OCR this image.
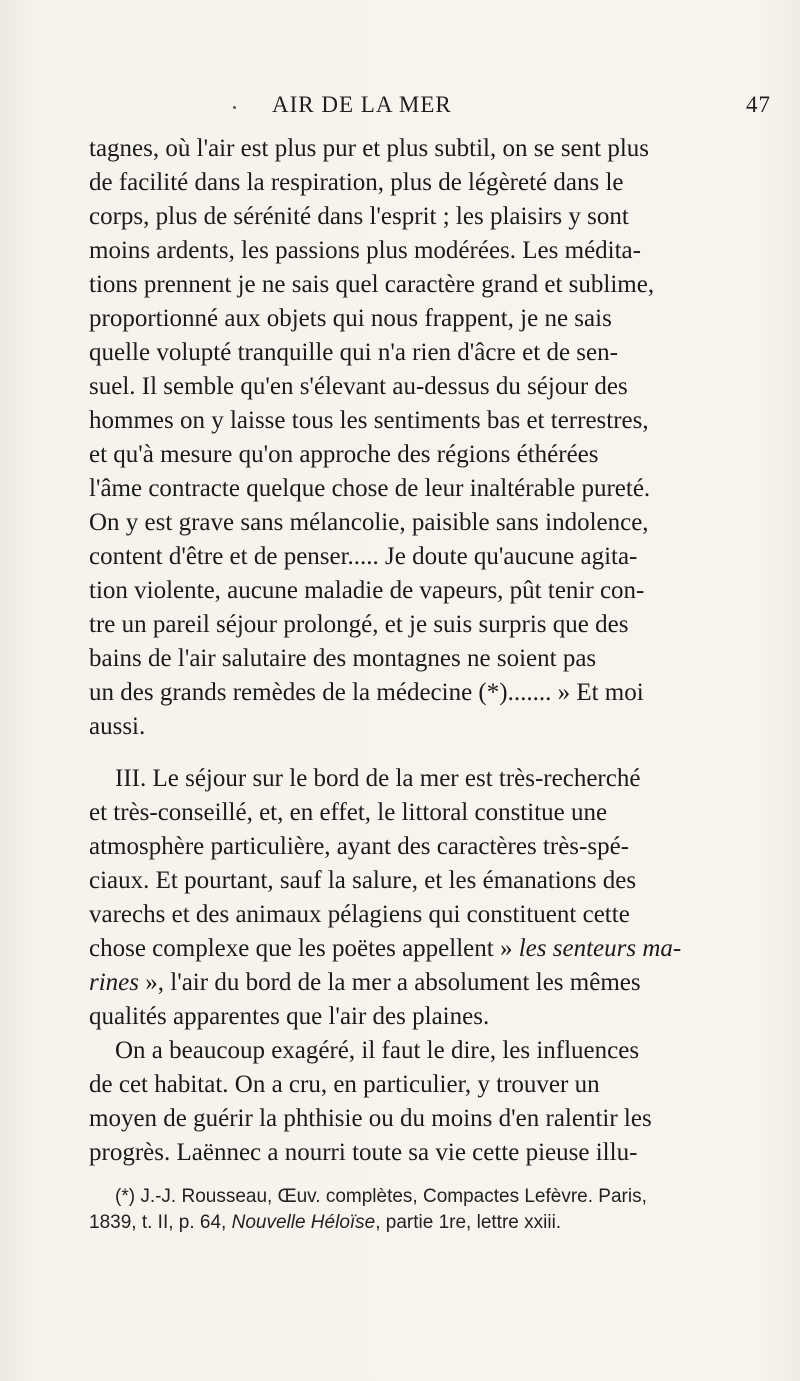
AIR DE LA MER	47
tagnes, où l'air est plus pur et plus subtil, on se sent plus
de facilité dans la respiration, plus de légèreté dans le
corps, plus de sérénité dans l'esprit ; les plaisirs y sont
moins ardents, les passions plus modérées. Les médita-
tions prennent je ne sais quel caractère grand et sublime,
proportionné aux objets qui nous frappent, je ne sais
quelle volupté tranquille qui n'a rien d'âcre et de sen-
suel. Il semble qu'en s'élevant au-dessus du séjour des
hommes on y laisse tous les sentiments bas et terrestres,
et qu'à mesure qu'on approche des régions éthérées
l'âme contracte quelque chose de leur inaltérable pureté.
On y est grave sans mélancolie, paisible sans indolence,
content d'être et de penser..... Je doute qu'aucune agita-
tion violente, aucune maladie de vapeurs, pût tenir con-
tre un pareil séjour prolongé, et je suis surpris que des
bains de l'air salutaire des montagnes ne soient pas
un des grands remèdes de la médecine (*)....... » Et moi
aussi.
III. Le séjour sur le bord de la mer est très-recherché
et très-conseillé, et, en effet, le littoral constitue une
atmosphère particulière, ayant des caractères très-spé-
ciaux. Et pourtant, sauf la salure, et les émanations des
varechs et des animaux pélagiens qui constituent cette
chose complexe que les poëtes appellent » les senteurs ma-
rines », l'air du bord de la mer a absolument les mêmes
qualités apparentes que l'air des plaines.
On a beaucoup exagéré, il faut le dire, les influences
de cet habitat. On a cru, en particulier, y trouver un
moyen de guérir la phthisie ou du moins d'en ralentir les
progrès. Laënnec a nourri toute sa vie cette pieuse illu-
(*) J.-J. Rousseau, Œuv. complètes, Compactes Lefèvre. Paris,
1839, t. II, p. 64, Nouvelle Héloïse, partie 1re, lettre xxiii.
